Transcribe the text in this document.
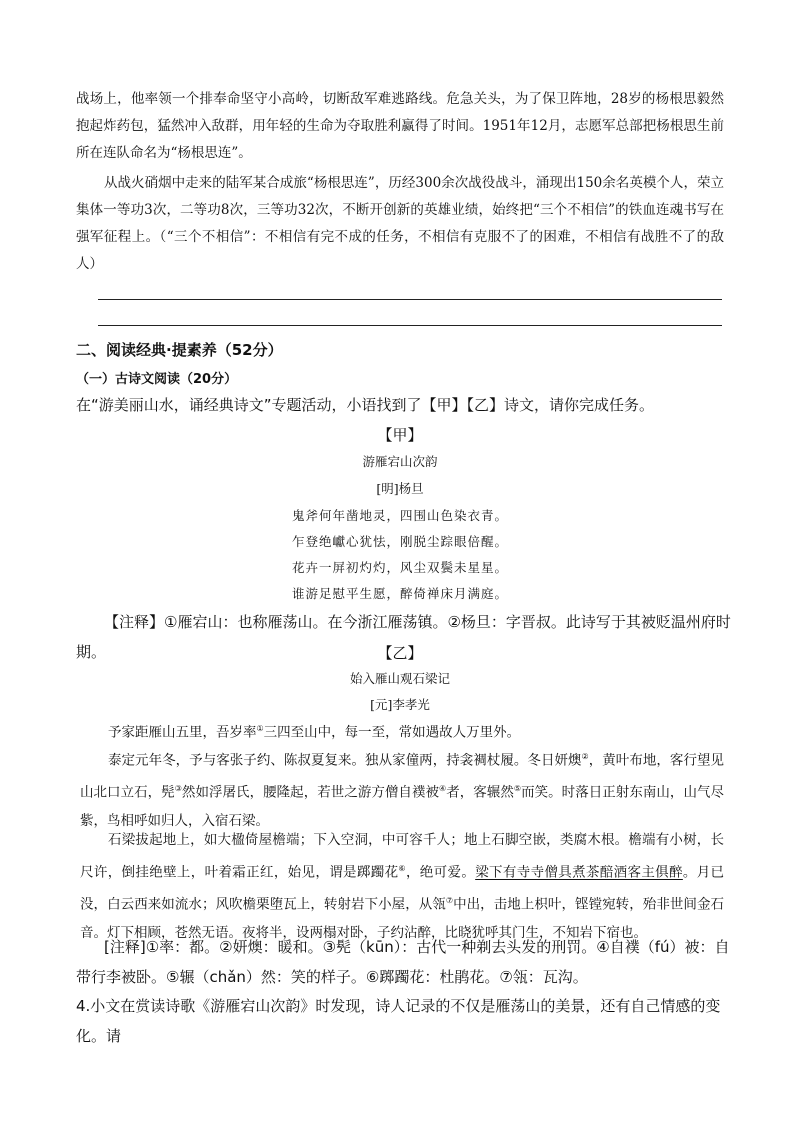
战场上，他率领一个排奉命坚守小高岭，切断敌军难逃路线。危急关头，为了保卫阵地，28岁的杨根思毅然抱起炸药包，猛然冲入敌群，用年轻的生命为夺取胜利赢得了时间。1951年12月，志愿军总部把杨根思生前所在连队命名为“杨根思连”。
从战火硝烟中走来的陆军某合成旅“杨根思连”，历经300余次战役战斗，涌现出150余名英模个人，荣立集体一等功3次，二等功8次，三等功32次，不断开创新的英雄业绩，始终把“三个不相信”的铁血连魂书写在强军征程上。（“三个不相信”：不相信有完不成的任务，不相信有克服不了的困难，不相信有战胜不了的敌人）
二、阅读经典·提素养（52分）
（一）古诗文阅读（20分）
在“游美丽山水，诵经典诗文”专题活动，小语找到了【甲】【乙】诗文，请你完成任务。
【甲】
游雁宕山次韵
[明]杨旦
鬼斧何年凿地灵，四围山色染衣青。
乍登绝巘心犹怯，刚脱尘踪眼倍醒。
花卉一屏初灼灼，风尘双鬓未星星。
谁游足慰平生愿，醉倚禅床月满庭。
【注释】①雁宕山：也称雁荡山。在今浙江雁荡镇。②杨旦：字晋叔。此诗写于其被贬温州府时期。	【乙】
始入雁山观石梁记
[元]李孝光
予家距雁山五里，吾岁率①三四至山中，每一至，常如遇故人万里外。
泰定元年冬，予与客张子约、陈叔夏复来。独从家僮两，持衾裯杖履。冬日妍燠②，黄叶布地，客行望见山北口立石，髡③然如浮屠氏，腰隆起，若世之游方僧自襆被④者，客辗然⑤而笑。时落日正射东南山，山气尽紫，鸟相呼如归人，入宿石梁。
石梁拔起地上，如大楹倚屋檐端；下入空洞，中可容千人；地上石脚空嵌，类腐木根。檐端有小树，长尺许，倒挂绝壁上，叶着霜正红，始见，谓是踯躅花⑥，绝可爱。梁下有寺寺僧具煮茶醅酒客主俱醉。月已没，白云西来如流水；风吹檐栗堕瓦上，转射岩下小屋，从瓴⑦中出，击地上枳叶，铿镗宛转，殆非世间金石音。灯下相顾，苍然无语。夜将半，设两榻对卧，子约沾醉，比晓犹呼其门生，不知岩下宿也。
[注释]①率：都。②妍燠：暖和。③髡（kūn）：古代一种剃去头发的刑罚。④自襆（fú）被：自带行李被卧。⑤辗（chǎn）然：笑的样子。⑥踯躅花：杜鹃花。⑦瓴：瓦沟。
4.小文在赏读诗歌《游雁宕山次韵》时发现，诗人记录的不仅是雁荡山的美景，还有自己情感的变化。请
